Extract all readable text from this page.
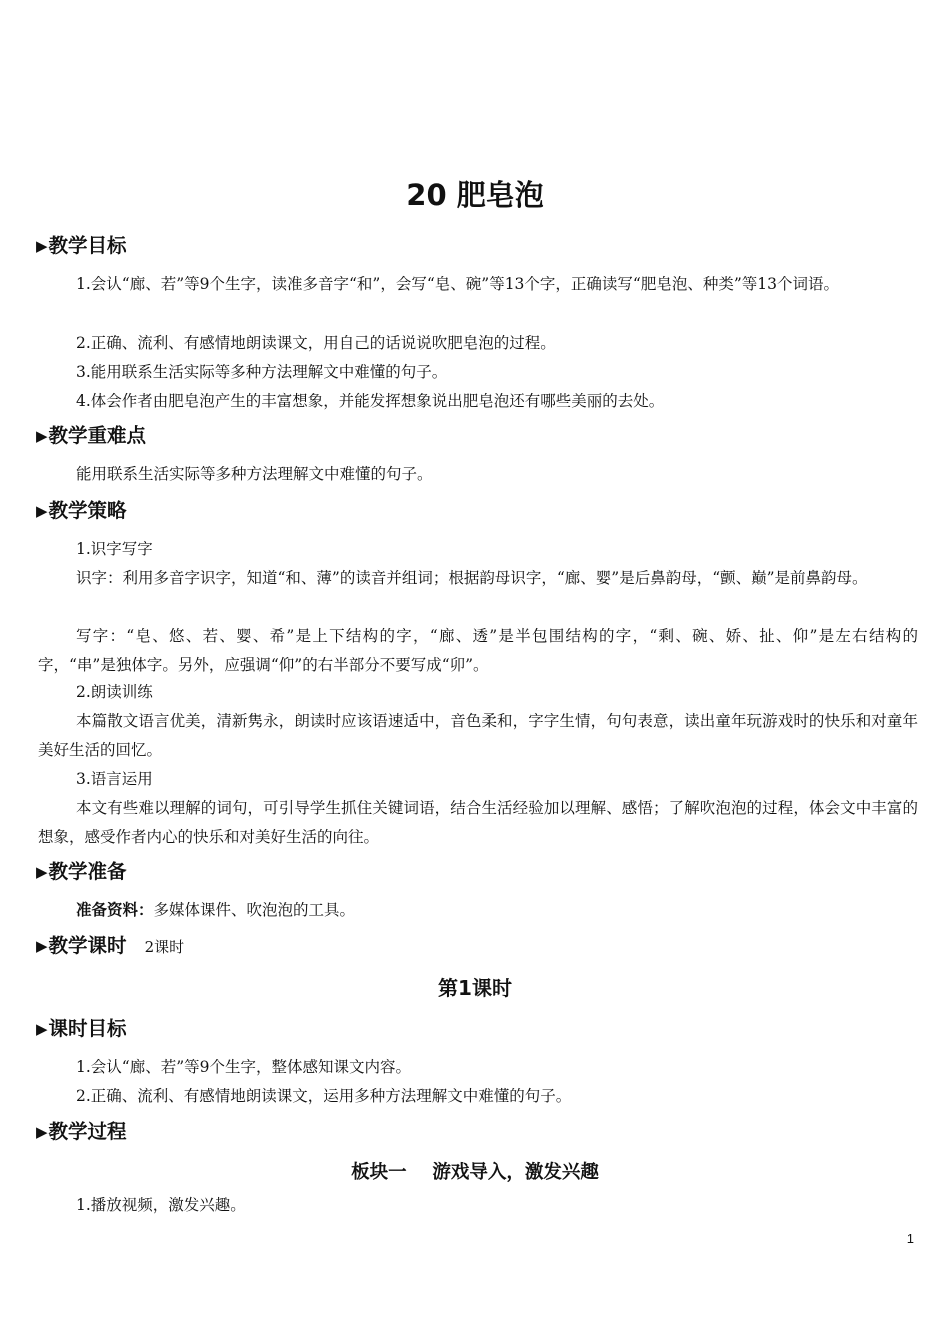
20 肥皂泡
▶教学目标
1.会认“廊、若”等9个生字，读准多音字“和”，会写“皂、碗”等13个字，正确读写“肥皂泡、种类”等13个词语。
2.正确、流利、有感情地朗读课文，用自己的话说说吹肥皂泡的过程。
3.能用联系生活实际等多种方法理解文中难懂的句子。
4.体会作者由肥皂泡产生的丰富想象，并能发挥想象说出肥皂泡还有哪些美丽的去处。
▶教学重难点
能用联系生活实际等多种方法理解文中难懂的句子。
▶教学策略
1.识字写字
识字：利用多音字识字，知道“和、薄”的读音并组词；根据韵母识字，“廊、婴”是后鼻韵母，“颤、巅”是前鼻韵母。
写字：“皂、悠、若、婴、希”是上下结构的字，“廊、透”是半包围结构的字，“剩、碗、娇、扯、仰”是左右结构的字，“串”是独体字。另外，应强调“仰”的右半部分不要写成“卯”。
2.朗读训练
本篇散文语言优美，清新隽永，朗读时应该语速适中，音色柔和，字字生情，句句表意，读出童年玩游戏时的快乐和对童年美好生活的回忆。
3.语言运用
本文有些难以理解的词句，可引导学生抓住关键词语，结合生活经验加以理解、感悟；了解吹泡泡的过程，体会文中丰富的想象，感受作者内心的快乐和对美好生活的向往。
▶教学准备
准备资料：多媒体课件、吹泡泡的工具。
▶教学课时 2课时
第1课时
▶课时目标
1.会认“廊、若”等9个生字，整体感知课文内容。
2.正确、流利、有感情地朗读课文，运用多种方法理解文中难懂的句子。
▶教学过程
板块一    游戏导入，激发兴趣
1.播放视频，激发兴趣。
1
